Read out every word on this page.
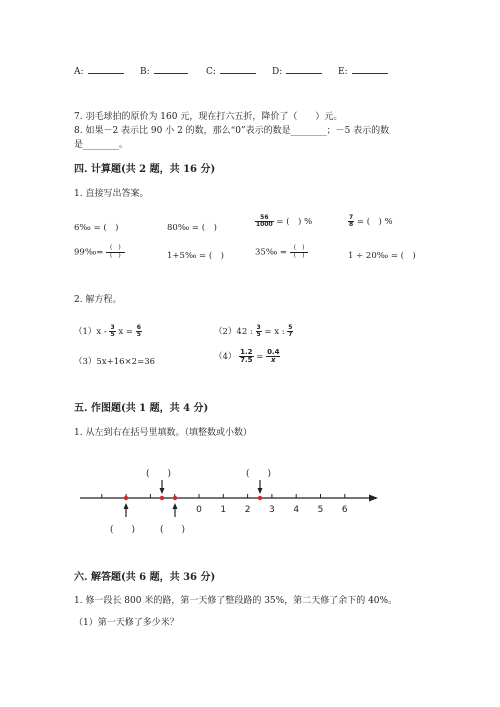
A:	B:	C:	D:	E:
7. 羽毛球拍的原价为 160 元，现在打六五折，降价了（　　）元。
8. 如果－2 表示比 90 小 2 的数，那么“0”表示的数是________；－5 表示的数
是________。
四. 计算题(共 2 题，共 16 分)
1. 直接写出答案。
6‰ = (　)	80‰ = (　)	$\frac{56}{1000}$ = (　) %	$\frac{7}{8}$ = (　) %
99‰= $\frac{( )}{( )}$	1+5‰ = (　)	35‰ = $\frac{( )}{( )}$	1 ÷ 20‰ = (　)
2. 解方程。
$(1)x - \frac{3}{5}$ $x = \frac{6}{5}$	（2）42 : $\frac{3}{5} = x$ : $\frac{5}{7}$
（3）5x+16×2=36	$(4) \frac{1.2}{7.5} = \frac{0.4}{x}$
五. 作图题(共 1 题，共 4 分)
1. 从左到右在括号里填数。（填整数或小数）
0 1 2 3 4 5 6
(　　)	(　　)
(　　)	(　　)
六. 解答题(共 6 题，共 36 分)
1. 修一段长 800 米的路，第一天修了整段路的 35%，第二天修了余下的 40%。
（1）第一天修了多少米？
